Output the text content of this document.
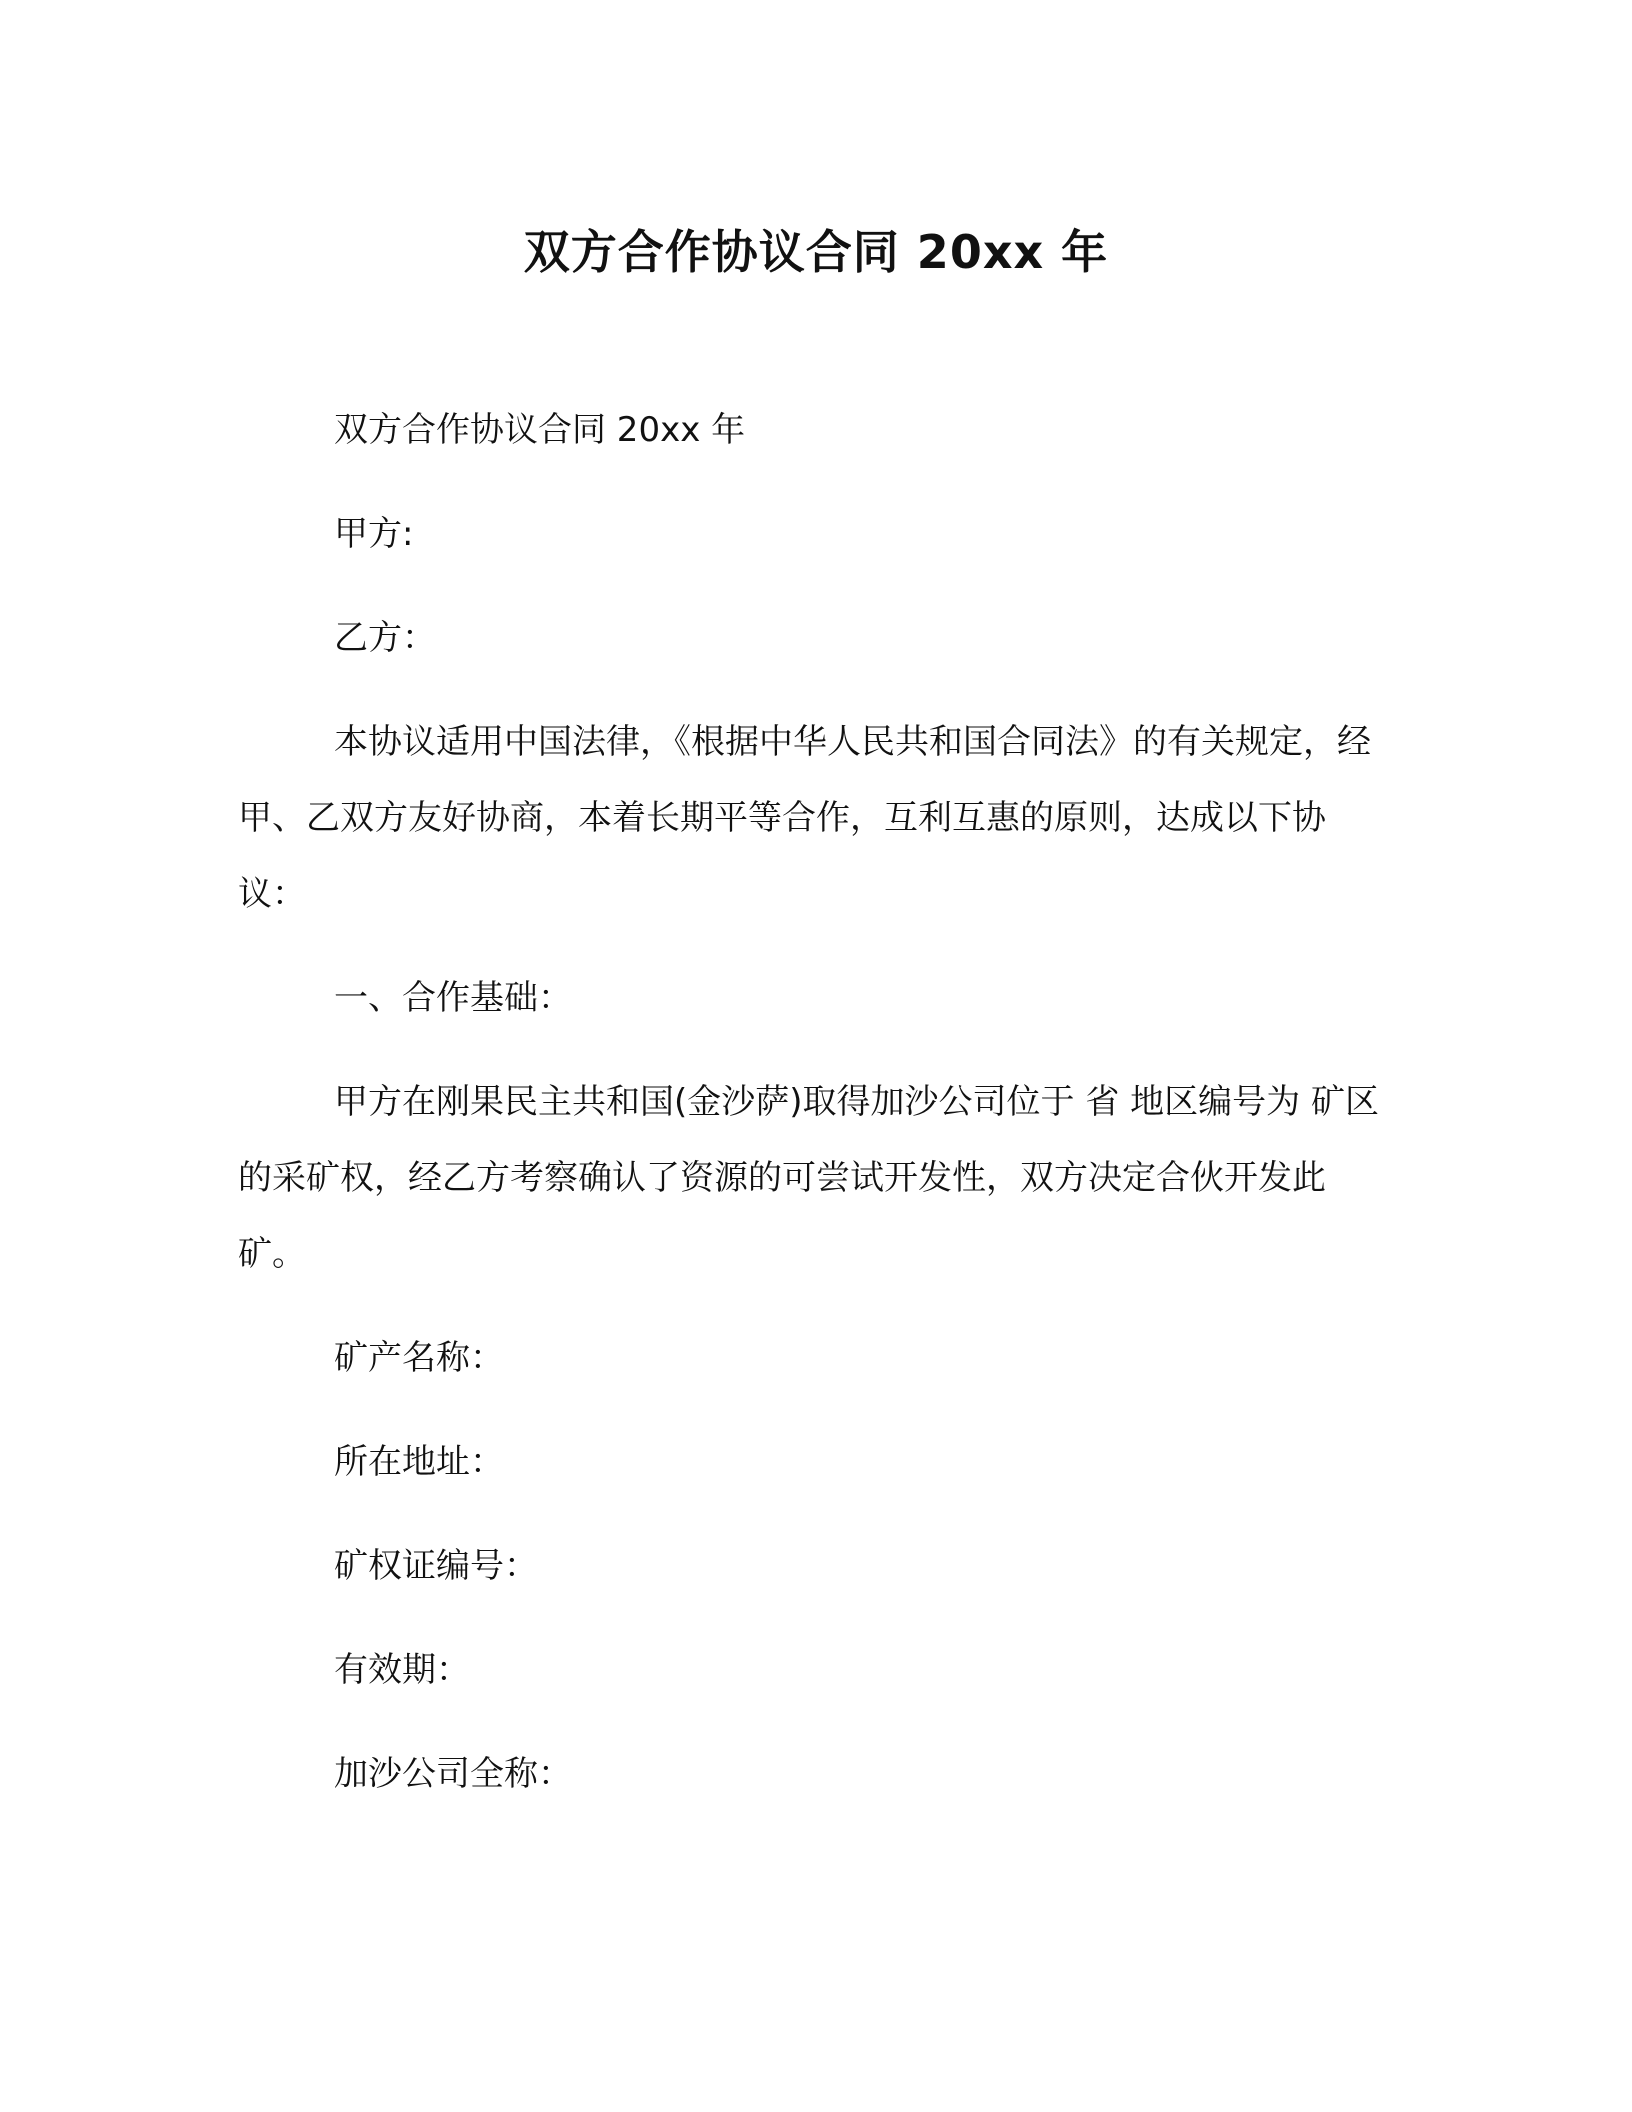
双方合作协议合同 20xx 年
双方合作协议合同 20xx 年
甲方:
乙方：

本协议适用中国法律，《根据中华人民共和国合同法》的有关规定，经甲、乙双方友好协商，本着长期平等合作，互利互惠的原则，达成以下协议：

一、合作基础：

甲方在刚果民主共和国(金沙萨)取得加沙公司位于 省 地区编号为 矿区的采矿权，经乙方考察确认了资源的可尝试开发性，双方决定合伙开发此矿。

矿产名称：
所在地址：
矿权证编号：
有效期：
加沙公司全称：
